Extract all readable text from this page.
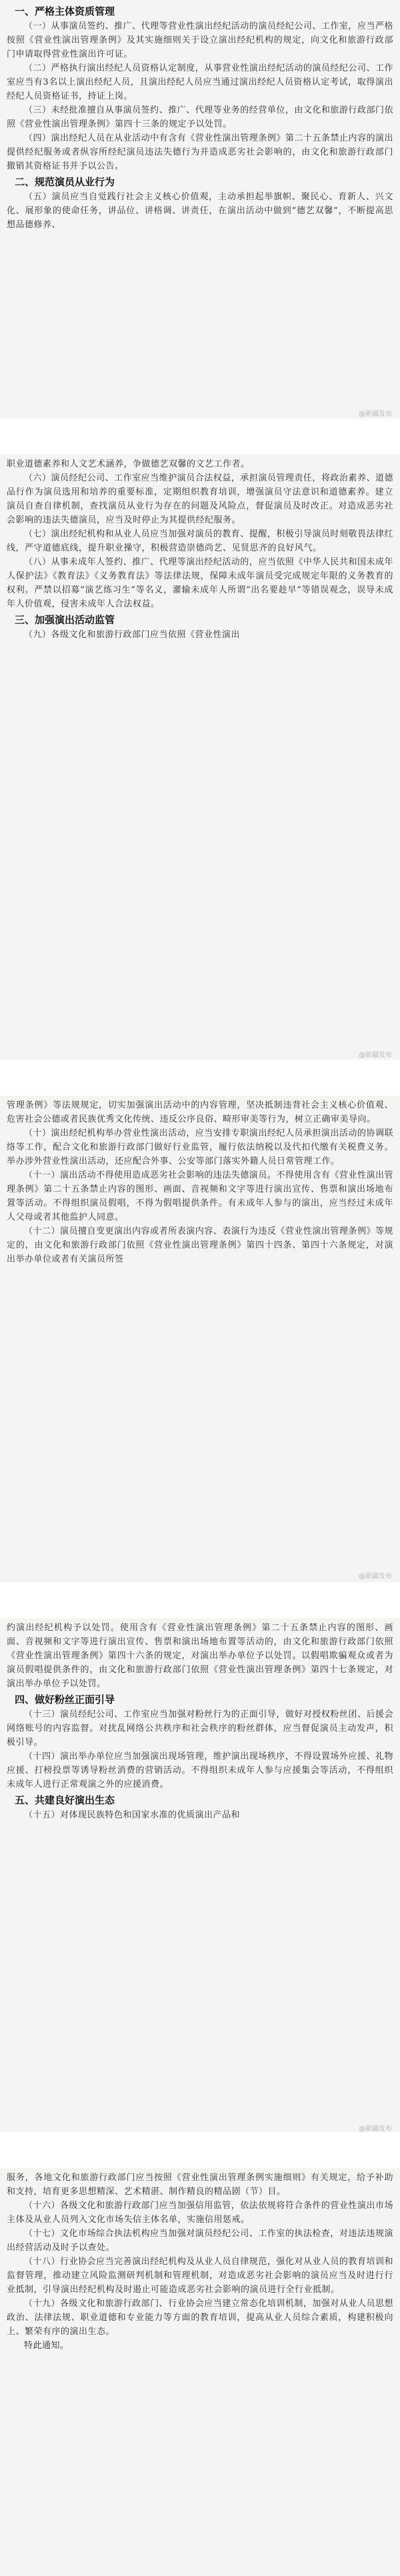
一、严格主体资质管理

（一）从事演员签约、推广、代理等营业性演出经纪活动的演员经纪公司、工作室，应当严格按照《营业性演出管理条例》及其实施细则关于设立演出经纪机构的规定，向文化和旅游行政部门申请取得营业性演出许可证。

（二）严格执行演出经纪人员资格认定制度，从事营业性演出经纪活动的演员经纪公司、工作室应当有3名以上演出经纪人员，且演出经纪人员应当通过演出经纪人员资格认定考试，取得演出经纪人员资格证书，持证上岗。

（三）未经批准擅自从事演员签约、推广、代理等业务的经营单位，由文化和旅游行政部门依照《营业性演出管理条例》第四十三条的规定予以处罚。

（四）演出经纪人员在从业活动中有含有《营业性演出管理条例》第二十五条禁止内容的演出提供经纪服务或者纵容所经纪演员违法失德行为并造成恶劣社会影响的，由文化和旅游行政部门撤销其资格证书并予以公告。

二、规范演员从业行为

（五）演员应当自觉践行社会主义核心价值观，主动承担起举旗帜、聚民心、育新人、兴文化、展形象的使命任务，讲品位、讲格调、讲责任，在演出活动中做到“德艺双馨”，不断提高思想品德修养、

职业道德素养和人文艺术涵养，争做德艺双馨的文艺工作者。

（六）演员经纪公司、工作室应当维护演员合法权益，承担演员管理责任，将政治素养、道德品行作为演员选用和培养的重要标准，定期组织教育培训，增强演员守法意识和道德素养。建立演员自查自律机制，查找演员从业行为存在的问题及风险点，督促演员及时改正。对造成恶劣社会影响的违法失德演员，应当及时停止为其提供经纪服务。

（七）演出经纪机构和从业人员应当加强对演员的教育、提醒，积极引导演员时刻敬畏法律红线，严守道德底线，提升职业操守，积极营造崇德尚艺、见贤思齐的良好风气。

（八）从事未成年人签约、推广、代理等演出经纪活动的，应当依照《中华人民共和国未成年人保护法》《教育法》《义务教育法》等法律法规，保障未成年演员受完成规定年限的义务教育的权利。严禁以招募“演艺练习生”等名义，灌输未成年人所谓“出名要趁早”等错误观念，误导未成年人价值观，侵害未成年人合法权益。

三、加强演出活动监管

（九）各级文化和旅游行政部门应当依照《营业性演出

管理条例》等法规规定，切实加强演出活动中的内容管理，坚决抵制违背社会主义核心价值观、危害社会公德或者民族优秀文化传统、违反公序良俗、畸形审美等行为，树立正确审美导向。

（十）演出经纪机构举办营业性演出活动，应当安排专职演出经纪人员承担演出活动的协调联络等工作，配合文化和旅游行政部门做好行业监管，履行依法纳税以及代扣代缴有关税费义务。举办涉外营业性演出活动，还应配合外事、公安等部门落实外籍人员日常管理工作。

（十一）演出活动不得使用造成恶劣社会影响的违法失德演员。不得使用含有《营业性演出管理条例》第二十五条禁止内容的图形、画面、音视频和文字等进行演出宣传、售票和演出场地布置等活动。不得组织演员假唱，不得为假唱提供条件。有未成年人参与的演出，应当经过未成年人父母或者其他监护人同意。

（十二）演员擅自变更演出内容或者所表演内容、表演行为违反《营业性演出管理条例》等规定的，由文化和旅游行政部门依照《营业性演出管理条例》第四十四条、第四十六条规定，对演出举办单位或者有关演员所签

约演出经纪机构予以处罚。使用含有《营业性演出管理条例》第二十五条禁止内容的图形、画面、音视频和文字等进行演出宣传、售票和演出场地布置等活动的，由文化和旅游行政部门依照《营业性演出管理条例》第四十六条的规定，对演出举办单位予以处罚。以假唱欺骗观众或者为演员假唱提供条件的，由文化和旅游行政部门依照《营业性演出管理条例》第四十七条规定，对演出举办单位予以处罚。

四、做好粉丝正面引导

（十三）演员经纪公司、工作室应当加强对粉丝行为的正面引导，做好对授权粉丝团、后援会网络账号的内容监督。对扰乱网络公共秩序和社会秩序的粉丝群体，应当督促演员主动发声，积极引导。

（十四）演出举办单位应当加强演出现场管理，维护演出现场秩序，不得设置场外应援、礼物应援、打榜投票等诱导粉丝消费的营销活动。不得组织未成年人参与应援集会等活动，不得组织未成年人进行正常观演之外的应援消费。

五、共建良好演出生态

（十五）对体现民族特色和国家水准的优质演出产品和

服务，各地文化和旅游行政部门应当按照《营业性演出管理条例实施细则》有关规定，给予补助和支持，培育更多思想精深、艺术精湛、制作精良的精品剧（节）目。

（十六）各级文化和旅游行政部门应当加强信用监管，依法依规将符合条件的营业性演出市场主体及从业人员列入文化市场失信主体名单，实施信用惩戒。

（十七）文化市场综合执法机构应当加强对演员经纪公司、工作室的执法检查，对违法违规演出经营活动及时予以查处。

（十八）行业协会应当完善演出经纪机构及从业人员自律规范，强化对从业人员的教育培训和监督管理，推动建立风险监测研判机制和管理机制，对造成恶劣社会影响的演员应当及时进行行业抵制，引导演出经纪机构及时遏止可能造成恶劣社会影响的演员进行全行业抵制。

（十九）各级文化和旅游行政部门、行业协会应当建立常态化培训机制，加强对从业人员思想政治、法律法规、职业道德和专业能力等方面的教育培训，提高从业人员综合素质，构建积极向上、繁荣有序的演出生态。

特此通知。

@新疆发布
@新疆发布
@新疆发布
@新疆发布
